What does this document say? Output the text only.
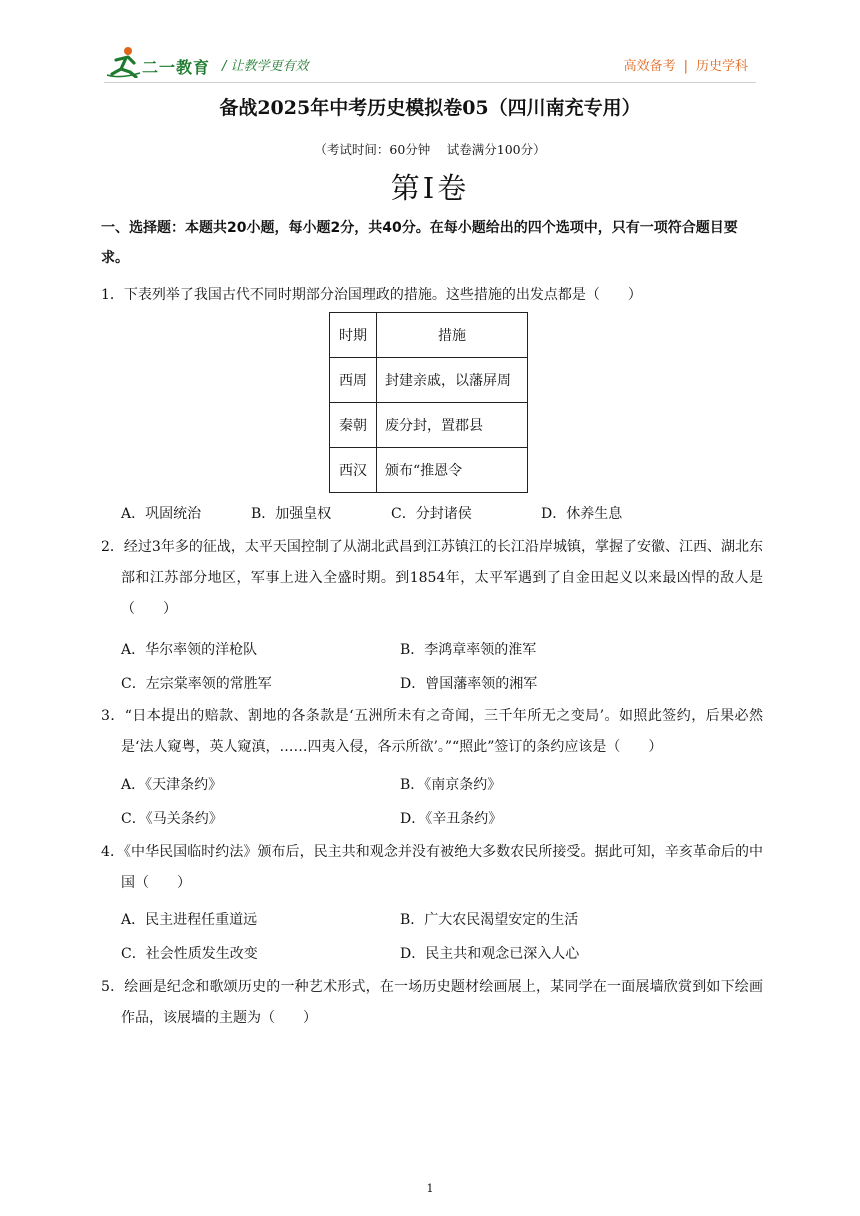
二一教育 / 让教学更有效	高效备考 | 历史学科
备战2025年中考历史模拟卷05（四川南充专用）
（考试时间：60分钟　 试卷满分100分）
第Ⅰ卷
一、选择题：本题共20小题，每小题2分，共40分。在每小题给出的四个选项中，只有一项符合题目要求。
1．下表列举了我国古代不同时期部分治国理政的措施。这些措施的出发点都是（　　）
时期	措施
西周	封建亲戚，以藩屏周
秦朝	废分封，置郡县
西汉	颁布“推恩令
A．巩固统治	B．加强皇权	C．分封诸侯	D．休养生息
2．经过3年多的征战，太平天国控制了从湖北武昌到江苏镇江的长江沿岸城镇，掌握了安徽、江西、湖北东部和江苏部分地区，军事上进入全盛时期。到1854年，太平军遇到了自金田起义以来最凶悍的敌人是（　　）
A．华尔率领的洋枪队	B．李鸿章率领的淮军
C．左宗棠率领的常胜军	D．曾国藩率领的湘军
3．“日本提出的赔款、割地的各条款是‘五洲所未有之奇闻，三千年所无之变局’。如照此签约，后果必然是‘法人窥粤，英人窥滇，……四夷入侵，各示所欲’。”“照此”签订的条约应该是（　　）
A．《天津条约》	B．《南京条约》
C．《马关条约》	D．《辛丑条约》
4．《中华民国临时约法》颁布后，民主共和观念并没有被绝大多数农民所接受。据此可知，辛亥革命后的中国（　　）
A．民主进程任重道远	B．广大农民渴望安定的生活
C．社会性质发生改变	D．民主共和观念已深入人心
5．绘画是纪念和歌颂历史的一种艺术形式，在一场历史题材绘画展上，某同学在一面展墙欣赏到如下绘画作品，该展墙的主题为（　　）
1
